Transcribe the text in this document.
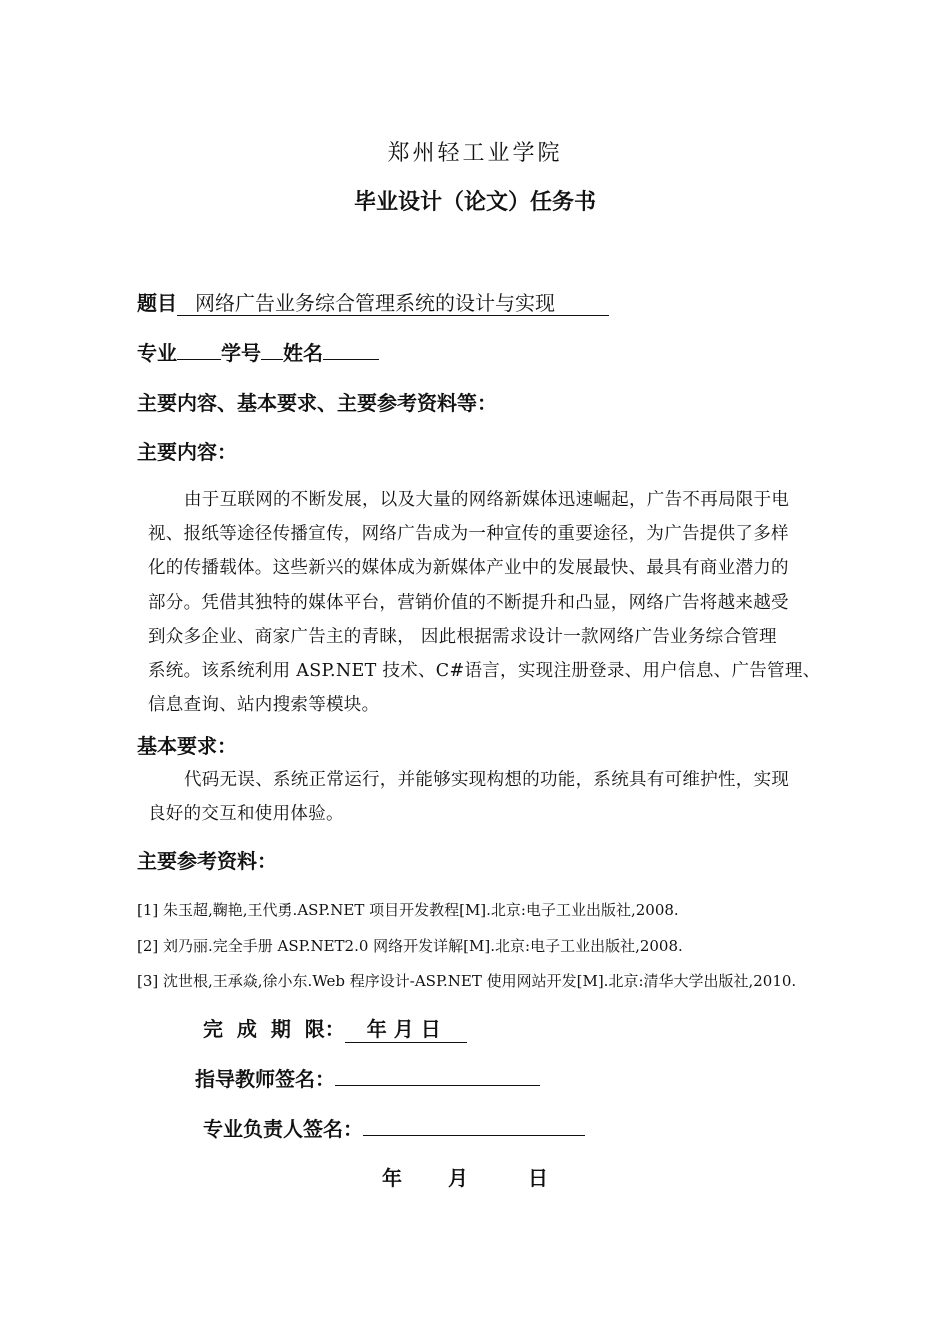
郑州轻工业学院
毕业设计（论文）任务书
题目 网络广告业务综合管理系统的设计与实现
专业 学号 姓名
主要内容、基本要求、主要参考资料等：
主要内容：
由于互联网的不断发展，以及大量的网络新媒体迅速崛起，广告不再局限于电
视、报纸等途径传播宣传，网络广告成为一种宣传的重要途径，为广告提供了多样
化的传播载体。这些新兴的媒体成为新媒体产业中的发展最快、最具有商业潜力的
部分。凭借其独特的媒体平台，营销价值的不断提升和凸显，网络广告将越来越受
到众多企业、商家广告主的青睐， 因此根据需求设计一款网络广告业务综合管理
系统。该系统利用 ASP.NET 技术、C#语言，实现注册登录、用户信息、广告管理、
信息查询、站内搜索等模块。
基本要求：
代码无误、系统正常运行，并能够实现构想的功能，系统具有可维护性，实现
良好的交互和使用体验。
主要参考资料：
[1] 朱玉超,鞠艳,王代勇.ASP.NET 项目开发教程[M].北京:电子工业出版社,2008.
[2] 刘乃丽.完全手册 ASP.NET2.0 网络开发详解[M].北京:电子工业出版社,2008.
[3] 沈世根,王承焱,徐小东.Web 程序设计-ASP.NET 使用网站开发[M].北京:清华大学出版社,2010.
完  成  期  限： 年 月 日
指导教师签名：
专业负责人签名：
年 月	日
